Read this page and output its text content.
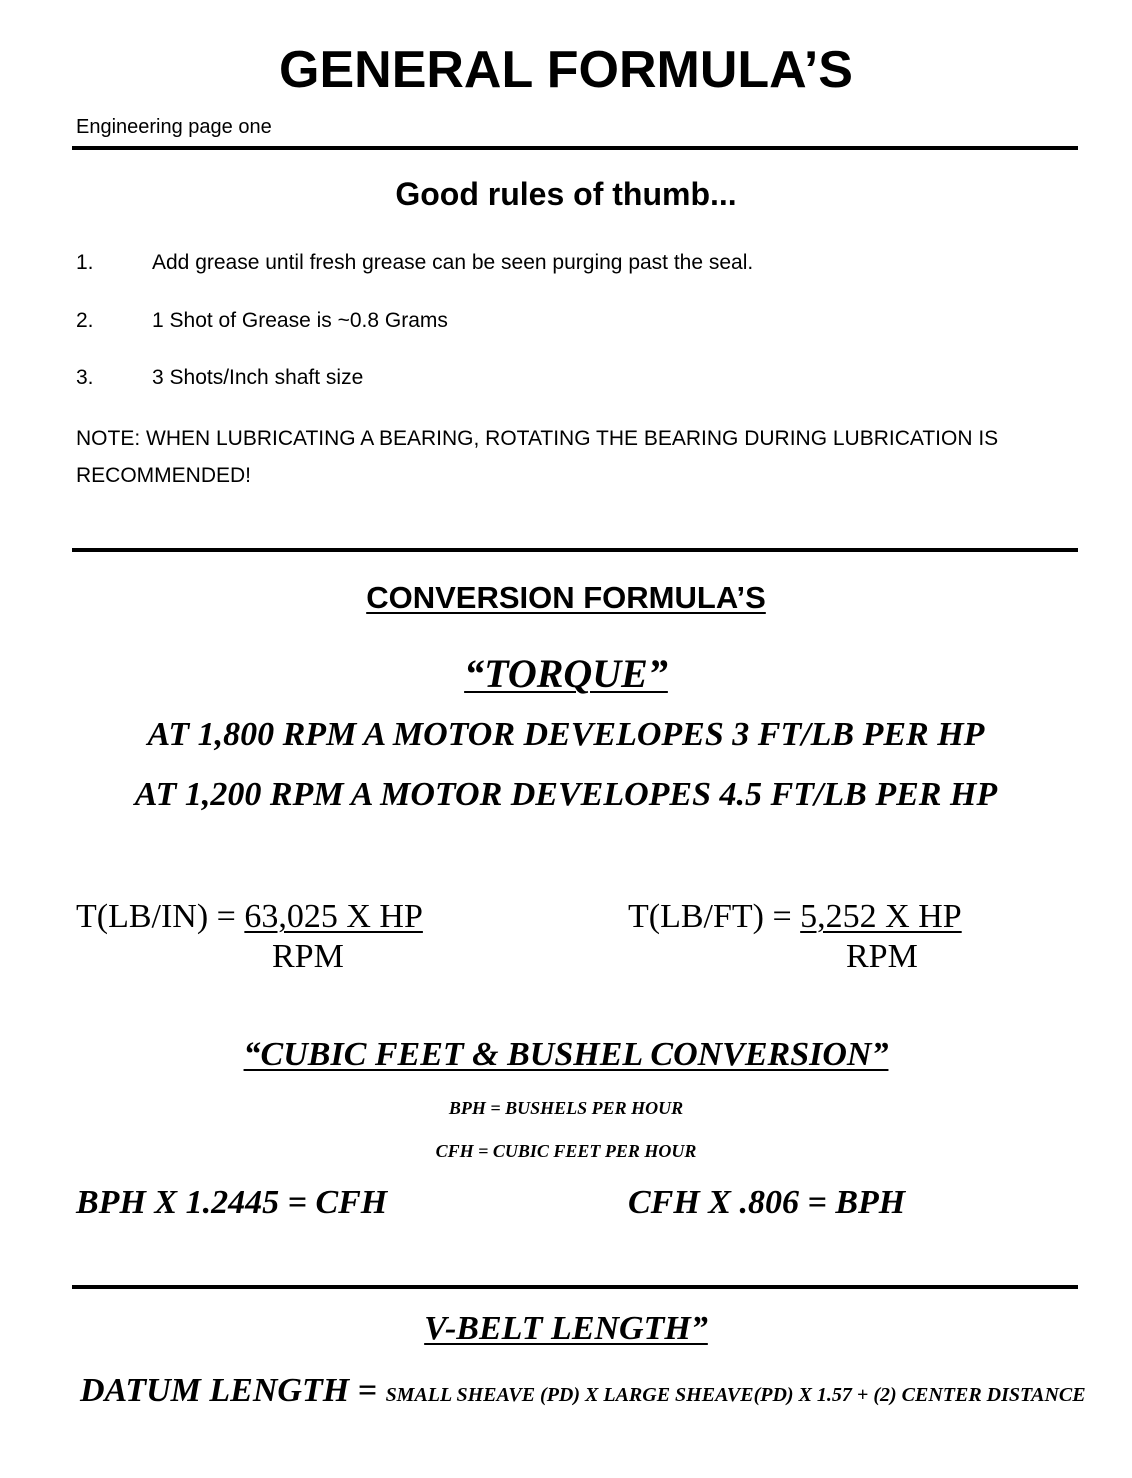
GENERAL FORMULA’S
Engineering page one
Good rules of thumb...
1.	Add grease until fresh grease can be seen purging past the seal.
2.	1 Shot of Grease is ~0.8 Grams
3.	3 Shots/Inch shaft size
NOTE: WHEN LUBRICATING A BEARING, ROTATING THE BEARING DURING LUBRICATION IS RECOMMENDED!
CONVERSION FORMULA’S
“TORQUE”
AT 1,800 RPM A MOTOR DEVELOPES 3 FT/LB PER HP
AT 1,200 RPM A MOTOR DEVELOPES 4.5 FT/LB PER HP
T(LB/IN) = 63,025 X HP
RPM
T(LB/FT) = 5,252 X HP
RPM
“CUBIC FEET & BUSHEL CONVERSION”
BPH = BUSHELS PER HOUR
CFH = CUBIC FEET PER HOUR
BPH X 1.2445 = CFH	CFH X .806 = BPH
V-BELT LENGTH”
DATUM LENGTH = SMALL SHEAVE (PD) X LARGE SHEAVE(PD) X 1.57 + (2) CENTER DISTANCE
